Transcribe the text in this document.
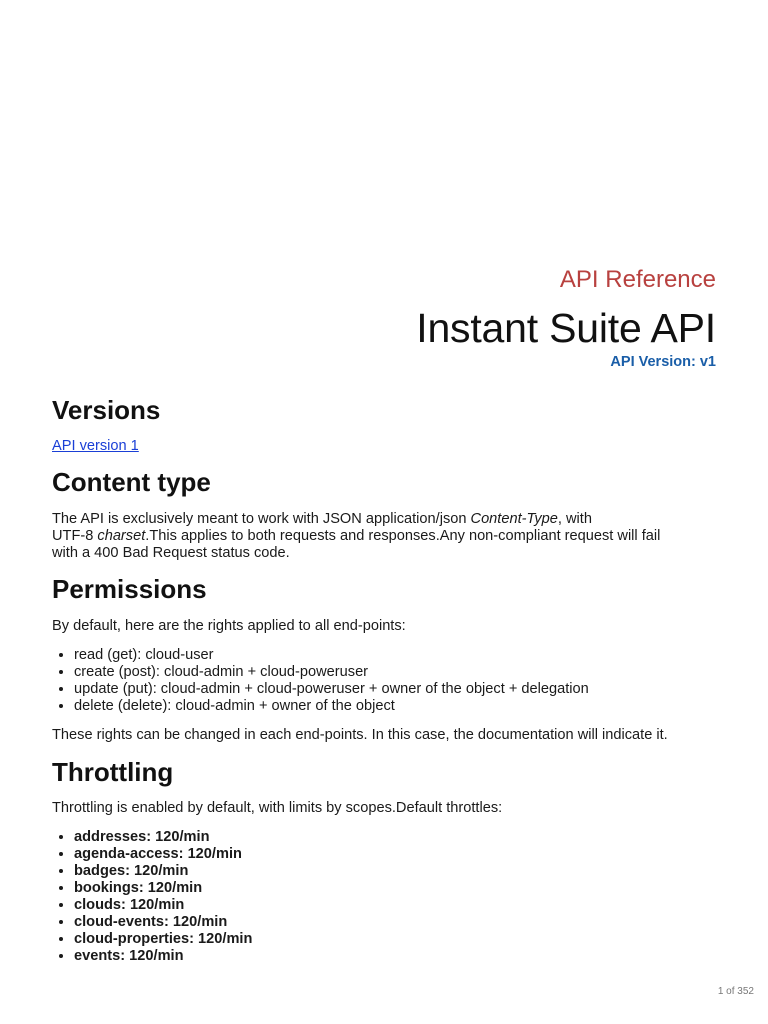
API Reference
Instant Suite API
API Version: v1
Versions
API version 1
Content type
The API is exclusively meant to work with JSON application/json Content-Type, with
UTF-8 charset.This applies to both requests and responses.Any non-compliant request will fail
with a 400 Bad Request status code.
Permissions
By default, here are the rights applied to all end-points:
• read (get): cloud-user
• create (post): cloud-admin + cloud-poweruser
• update (put): cloud-admin + cloud-poweruser + owner of the object + delegation
• delete (delete): cloud-admin + owner of the object
These rights can be changed in each end-points. In this case, the documentation will indicate it.
Throttling
Throttling is enabled by default, with limits by scopes.Default throttles:
• addresses: 120/min
• agenda-access: 120/min
• badges: 120/min
• bookings: 120/min
• clouds: 120/min
• cloud-events: 120/min
• cloud-properties: 120/min
• events: 120/min
1 of 352
